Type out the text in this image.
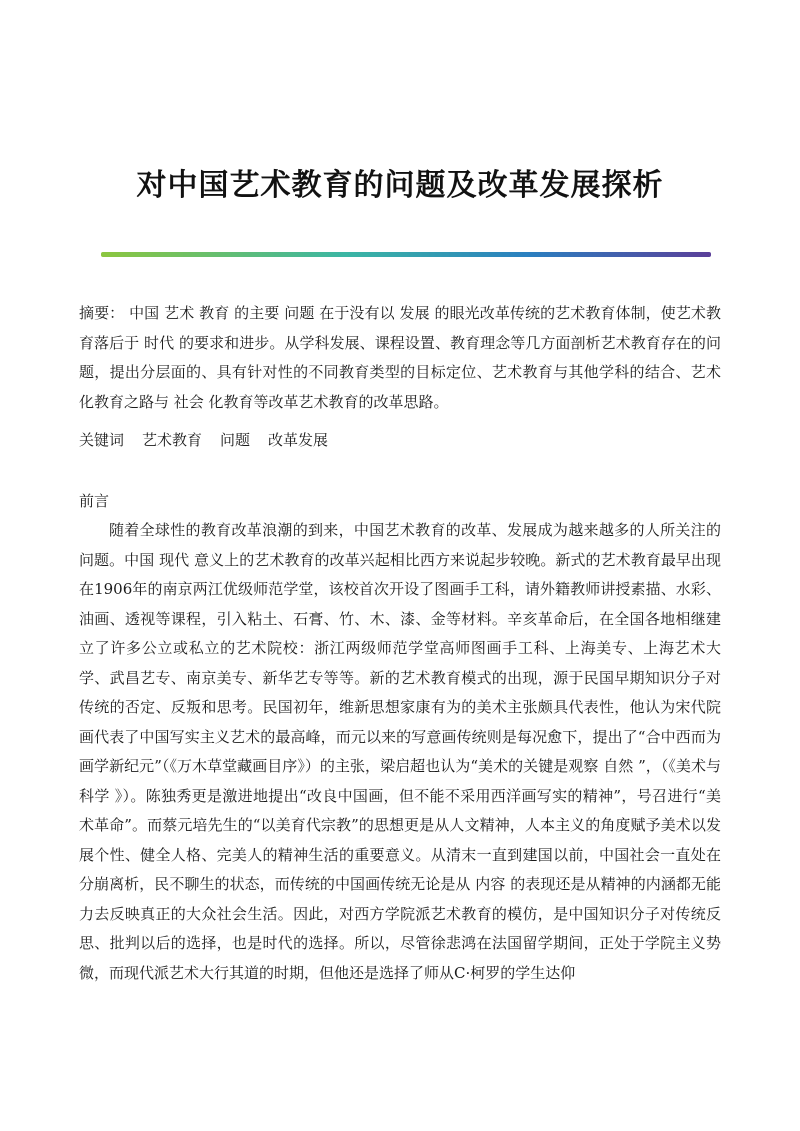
对中国艺术教育的问题及改革发展探析

摘要： 中国 艺术 教育 的主要 问题 在于没有以 发展 的眼光改革传统的艺术教育体制，使艺术教育落后于 时代 的要求和进步。从学科发展、课程设置、教育理念等几方面剖析艺术教育存在的问题，提出分层面的、具有针对性的不同教育类型的目标定位、艺术教育与其他学科的结合、艺术化教育之路与 社会 化教育等改革艺术教育的改革思路。

关键词 艺术教育 问题 改革发展

前言

随着全球性的教育改革浪潮的到来，中国艺术教育的改革、发展成为越来越多的人所关注的问题。中国 现代 意义上的艺术教育的改革兴起相比西方来说起步较晚。新式的艺术教育最早出现在1906年的南京两江优级师范学堂，该校首次开设了图画手工科，请外籍教师讲授素描、水彩、油画、透视等课程，引入粘土、石膏、竹、木、漆、金等材料。辛亥革命后，在全国各地相继建立了许多公立或私立的艺术院校：浙江两级师范学堂高师图画手工科、上海美专、上海艺术大学、武昌艺专、南京美专、新华艺专等等。新的艺术教育模式的出现，源于民国早期知识分子对传统的否定、反叛和思考。民国初年，维新思想家康有为的美术主张颇具代表性，他认为宋代院画代表了中国写实主义艺术的最高峰，而元以来的写意画传统则是每况愈下，提出了“合中西而为画学新纪元”（《万木草堂藏画目序》）的主张，梁启超也认为“美术的关键是观察 自然 ”，（《美术与 科学 》）。陈独秀更是激进地提出“改良中国画，但不能不采用西洋画写实的精神”，号召进行“美术革命”。而蔡元培先生的“以美育代宗教”的思想更是从人文精神，人本主义的角度赋予美术以发展个性、健全人格、完美人的精神生活的重要意义。从清末一直到建国以前，中国社会一直处在分崩离析，民不聊生的状态，而传统的中国画传统无论是从 内容 的表现还是从精神的内涵都无能力去反映真正的大众社会生活。因此，对西方学院派艺术教育的模仿，是中国知识分子对传统反思、批判以后的选择，也是时代的选择。所以，尽管徐悲鸿在法国留学期间，正处于学院主义势微，而现代派艺术大行其道的时期，但他还是选择了师从C·柯罗的学生达仰
